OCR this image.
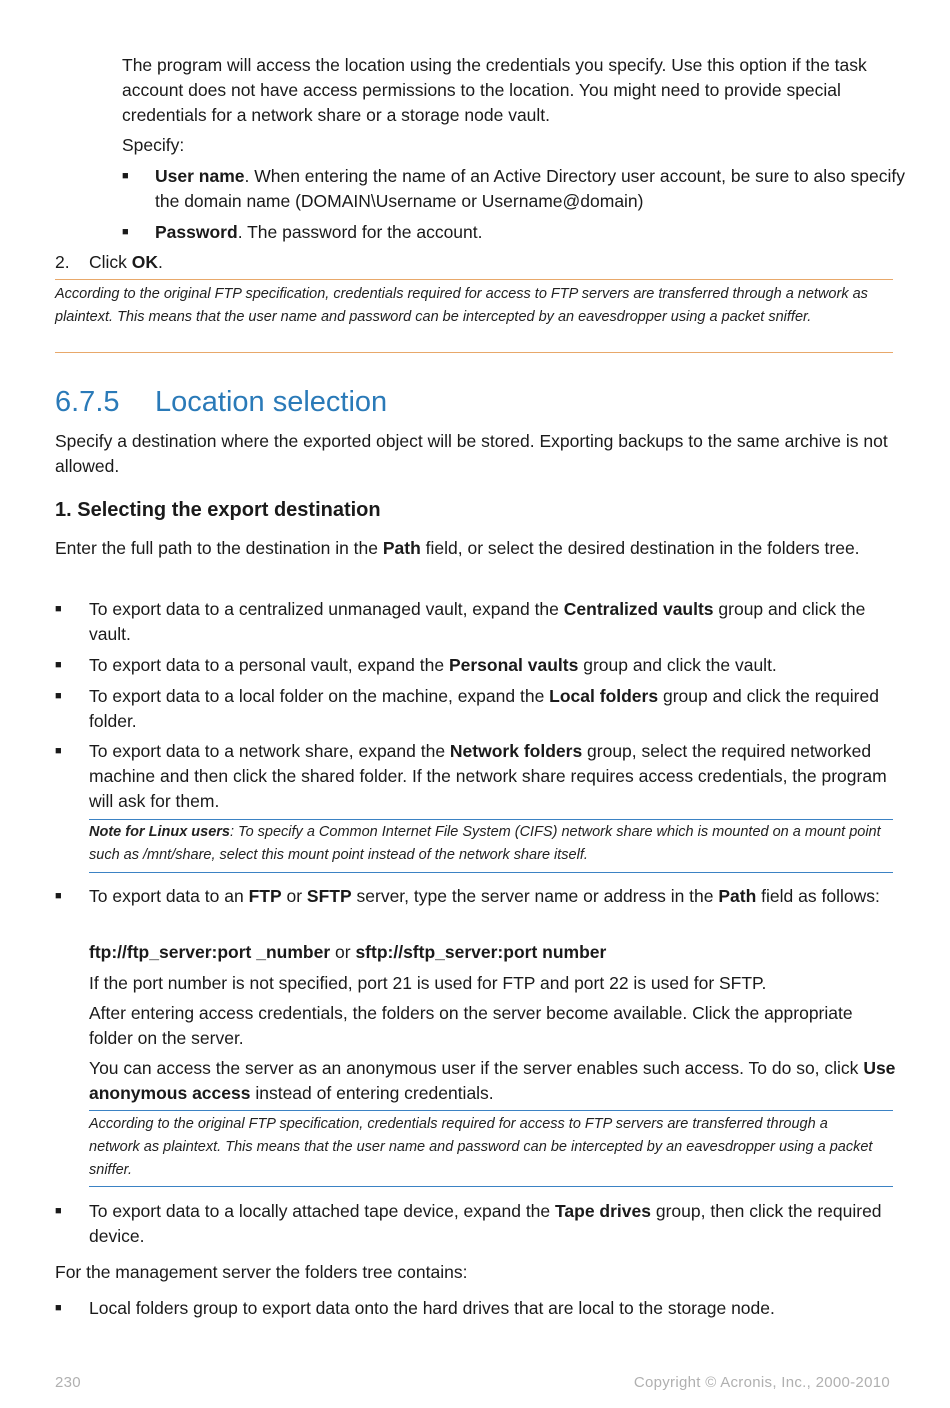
The program will access the location using the credentials you specify. Use this option if the task account does not have access permissions to the location. You might need to provide special credentials for a network share or a storage node vault.
Specify:
■ User name. When entering the name of an Active Directory user account, be sure to also specify the domain name (DOMAIN\Username or Username@domain)
■ Password. The password for the account.
2. Click OK.
According to the original FTP specification, credentials required for access to FTP servers are transferred through a network as plaintext. This means that the user name and password can be intercepted by an eavesdropper using a packet sniffer.
6.7.5 Location selection
Specify a destination where the exported object will be stored. Exporting backups to the same archive is not allowed.
1. Selecting the export destination
Enter the full path to the destination in the Path field, or select the desired destination in the folders tree.
■ To export data to a centralized unmanaged vault, expand the Centralized vaults group and click the vault.
■ To export data to a personal vault, expand the Personal vaults group and click the vault.
■ To export data to a local folder on the machine, expand the Local folders group and click the required folder.
■ To export data to a network share, expand the Network folders group, select the required networked machine and then click the shared folder. If the network share requires access credentials, the program will ask for them.
Note for Linux users: To specify a Common Internet File System (CIFS) network share which is mounted on a mount point such as /mnt/share, select this mount point instead of the network share itself.
■ To export data to an FTP or SFTP server, type the server name or address in the Path field as follows:
ftp://ftp_server:port _number or sftp://sftp_server:port number
If the port number is not specified, port 21 is used for FTP and port 22 is used for SFTP.
After entering access credentials, the folders on the server become available. Click the appropriate folder on the server.
You can access the server as an anonymous user if the server enables such access. To do so, click Use anonymous access instead of entering credentials.
According to the original FTP specification, credentials required for access to FTP servers are transferred through a network as plaintext. This means that the user name and password can be intercepted by an eavesdropper using a packet sniffer.
■ To export data to a locally attached tape device, expand the Tape drives group, then click the required device.
For the management server the folders tree contains:
■ Local folders group to export data onto the hard drives that are local to the storage node.
230	Copyright © Acronis, Inc., 2000-2010
